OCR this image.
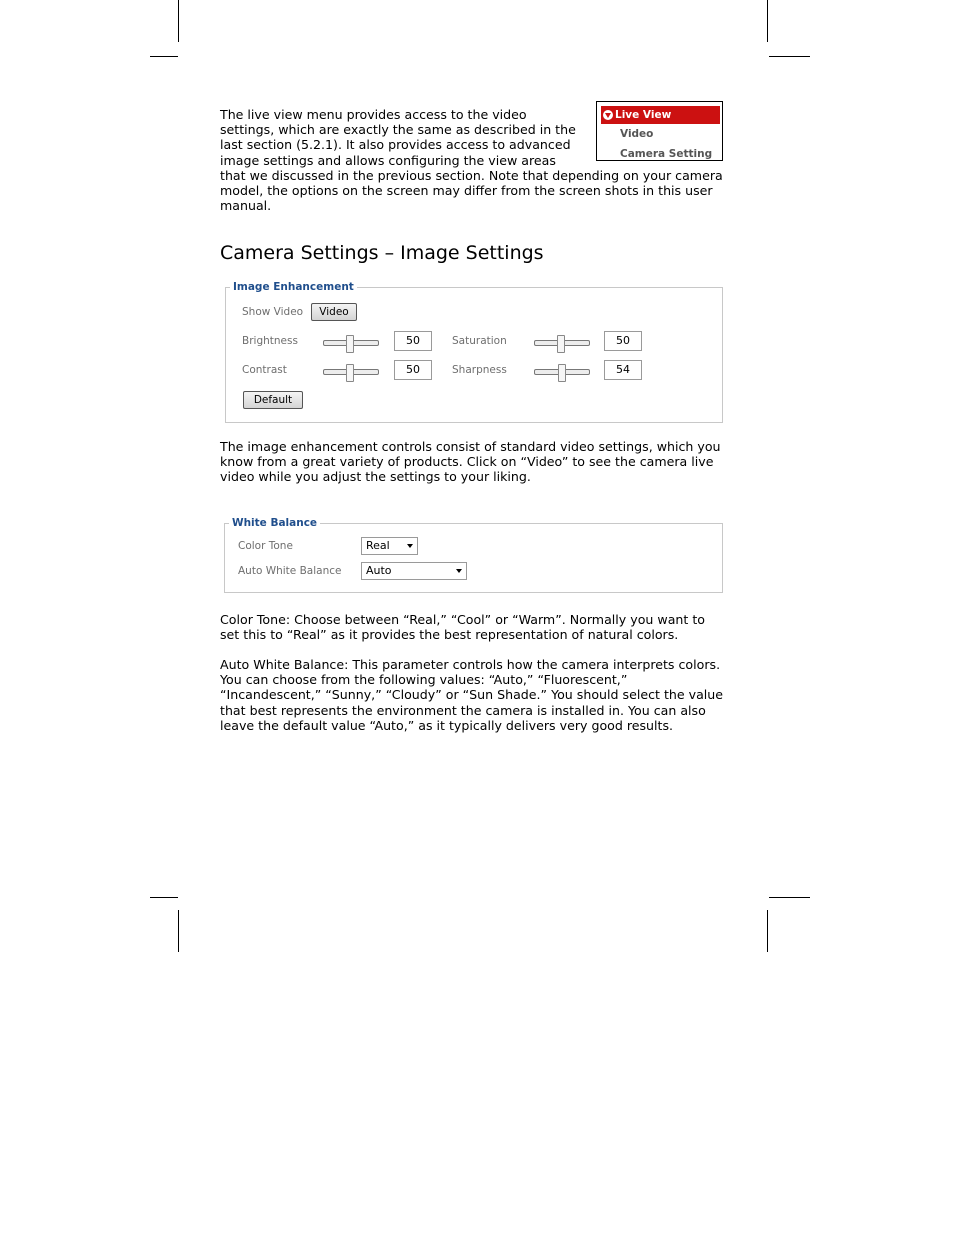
The live view menu provides access to the video
settings, which are exactly the same as described in the
last section (5.2.1). It also provides access to advanced
image settings and allows configuring the view areas
that we discussed in the previous section. Note that depending on your camera
model, the options on the screen may differ from the screen shots in this user
manual.
Live View
Video
Camera Setting
Camera Settings – Image Settings
Image Enhancement
Show Video	Video
Brightness	50	Saturation	50
Contrast	50	Sharpness	54
Default
The image enhancement controls consist of standard video settings, which you
know from a great variety of products. Click on “Video” to see the camera live
video while you adjust the settings to your liking.
White Balance
Color Tone	Real
Auto White Balance	Auto
Color Tone: Choose between “Real,” “Cool” or “Warm”. Normally you want to
set this to “Real” as it provides the best representation of natural colors.
Auto White Balance: This parameter controls how the camera interprets colors.
You can choose from the following values: “Auto,” “Fluorescent,”
“Incandescent,” “Sunny,” “Cloudy” or “Sun Shade.” You should select the value
that best represents the environment the camera is installed in. You can also
leave the default value “Auto,” as it typically delivers very good results.
